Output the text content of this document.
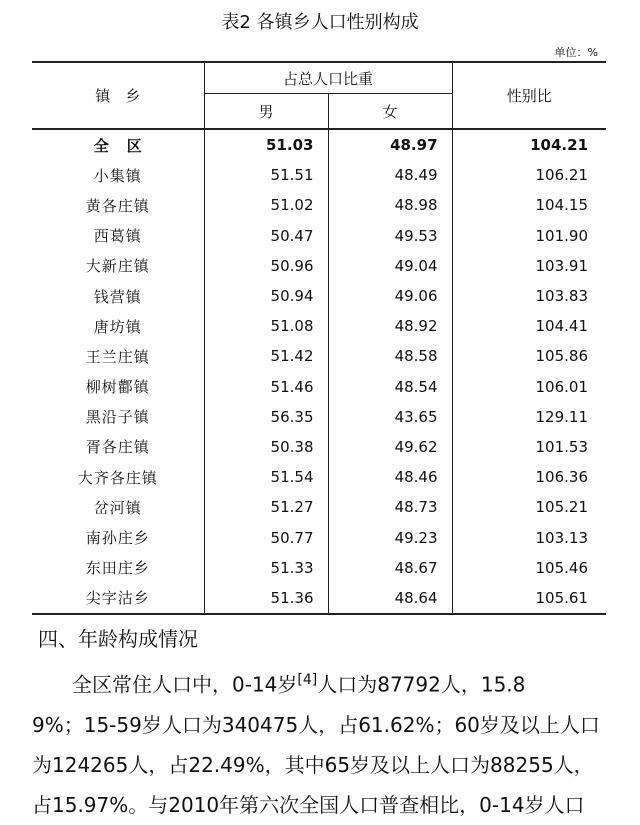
表2 各镇乡人口性别构成
单位：%
镇　乡	占总人口比重		性别比
	男	女	
全区	51.03	48.97	104.21
小集镇	51.51	48.49	106.21
黄各庄镇	51.02	48.98	104.15
西葛镇	50.47	49.53	101.90
大新庄镇	50.96	49.04	103.91
钱营镇	50.94	49.06	103.83
唐坊镇	51.08	48.92	104.41
王兰庄镇	51.42	48.58	105.86
柳树酄镇	51.46	48.54	106.01
黑沿子镇	56.35	43.65	129.11
胥各庄镇	50.38	49.62	101.53
大齐各庄镇	51.54	48.46	106.36
岔河镇	51.27	48.73	105.21
南孙庄乡	50.77	49.23	103.13
东田庄乡	51.33	48.67	105.46
尖字沽乡	51.36	48.64	105.61
四、年龄构成情况

全区常住人口中，0-14岁[4]人口为87792人，15.8

9%；15-59岁人口为340475人，占61.62%；60岁及以上人口

为124265人，占22.49%，其中65岁及以上人口为88255人，

占15.97%。与2010年第六次全国人口普查相比，0-14岁人口
